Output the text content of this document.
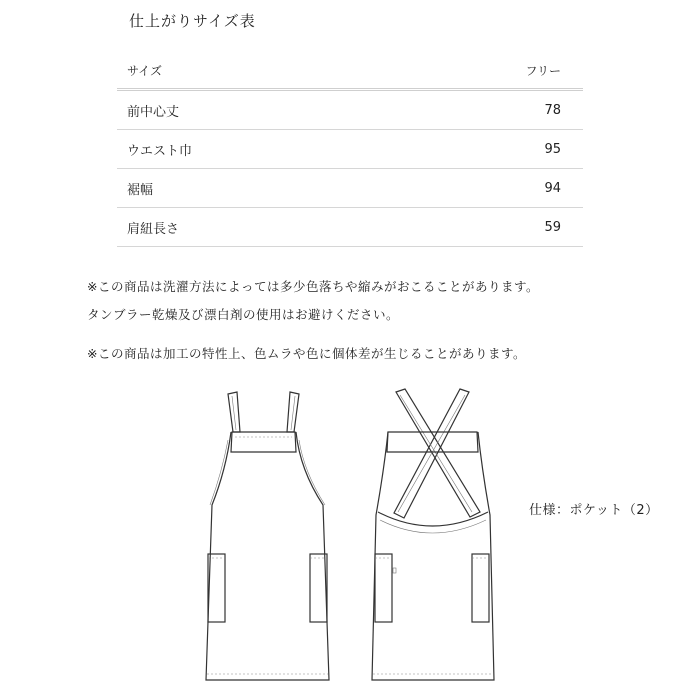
仕上がりサイズ表
サイズ	フリー
前中心丈	78
ウエスト巾	95
裾幅	94
肩紐長さ	59
※この商品は洗濯方法によっては多少色落ちや縮みがおこることがあります。
タンブラー乾燥及び漂白剤の使用はお避けください。
※この商品は加工の特性上、色ムラや色に個体差が生じることがあります。
仕様：ポケット（2）
